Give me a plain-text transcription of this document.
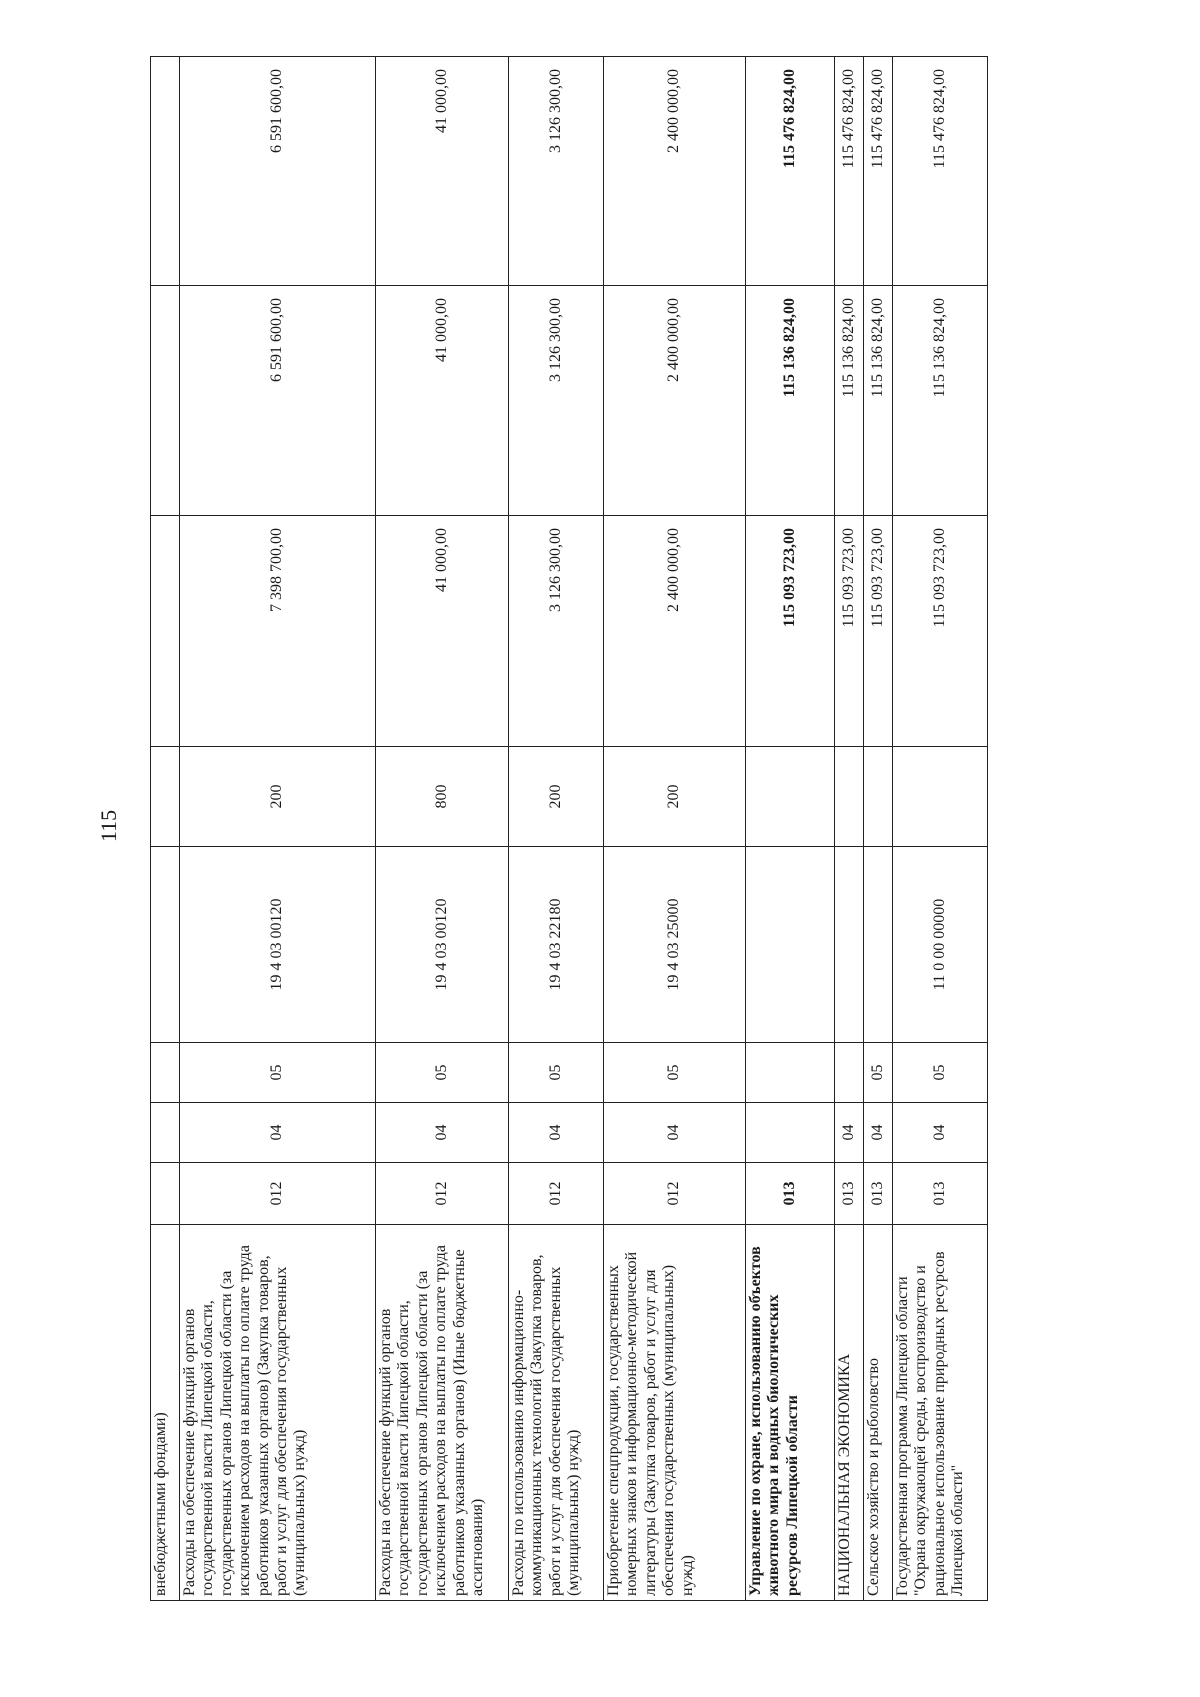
115
внебюджетными фондами)								
Расходы на обеспечение функций органов государственной власти Липецкой области, государственных органов Липецкой области (за исключением расходов на выплаты по оплате труда работников указанных органов) (Закупка товаров, работ и услуг для обеспечения государственных (муниципальных) нужд)	012	04	05	19 4 03 00120	200	7 398 700,00	6 591 600,00	6 591 600,00
Расходы на обеспечение функций органов государственной власти Липецкой области, государственных органов Липецкой области (за исключением расходов на выплаты по оплате труда работников указанных органов) (Иные бюджетные ассигнования)	012	04	05	19 4 03 00120	800	41 000,00	41 000,00	41 000,00
Расходы по использованию информационно-коммуникационных технологий (Закупка товаров, работ и услуг для обеспечения государственных (муниципальных) нужд)	012	04	05	19 4 03 22180	200	3 126 300,00	3 126 300,00	3 126 300,00
Приобретение спецпродукции, государственных номерных знаков и информационно-методической литературы (Закупка товаров, работ и услуг для обеспечения государственных (муниципальных) нужд)	012	04	05	19 4 03 25000	200	2 400 000,00	2 400 000,00	2 400 000,00
Управление по охране, использованию объектов животного мира и водных биологических ресурсов Липецкой области	013					115 093 723,00	115 136 824,00	115 476 824,00
НАЦИОНАЛЬНАЯ ЭКОНОМИКА	013	04				115 093 723,00	115 136 824,00	115 476 824,00
Сельское хозяйство и рыболовство	013	04	05			115 093 723,00	115 136 824,00	115 476 824,00
Государственная программа Липецкой области "Охрана окружающей среды, воспроизводство и рациональное использование природных ресурсов Липецкой области"	013	04	05	11 0 00 00000		115 093 723,00	115 136 824,00	115 476 824,00
